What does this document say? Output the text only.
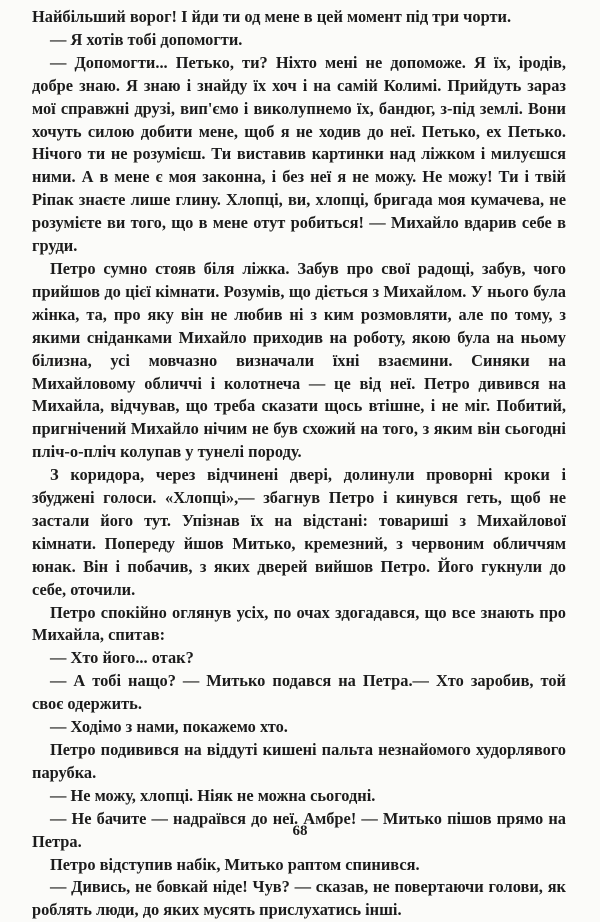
Найбільший ворог! І йди ти од мене в цей момент під три чорти.

— Я хотів тобі допомогти.

— Допомогти... Петько, ти? Ніхто мені не допоможе. Я їх, іродів, добре знаю. Я знаю і знайду їх хоч і на самій Колимі. Прийдуть зараз мої справжні друзі, вип'ємо і виколупнемо їх, бандюг, з-під землі. Вони хочуть силою добити мене, щоб я не ходив до неї. Петько, ех Петько. Нічого ти не розумієш. Ти виставив картинки над ліжком і милуєшся ними. А в мене є моя законна, і без неї я не можу. Не можу! Ти і твій Ріпак знаєте лише глину. Хлопці, ви, хлопці, бригада моя кумачева, не розумієте ви того, що в мене отут робиться! — Михайло вдарив себе в груди.

Петро сумно стояв біля ліжка. Забув про свої радощі, забув, чого прийшов до цієї кімнати. Розумів, що діється з Михайлом. У нього була жінка, та, про яку він не любив ні з ким розмовляти, але по тому, з якими сніданками Михайло приходив на роботу, якою була на ньому білизна, усі мовчазно визначали їхні взаємини. Синяки на Михайловому обличчі і колотнеча — це від неї. Петро дивився на Михайла, відчував, що треба сказати щось втішне, і не міг. Побитий, пригнічений Михайло нічим не був схожий на того, з яким він сьогодні пліч-о-пліч колупав у тунелі породу.

З коридора, через відчинені двері, долинули проворні кроки і збуджені голоси. «Хлопці»,— збагнув Петро і кинувся геть, щоб не застали його тут. Упізнав їх на відстані: товариші з Михайлової кімнати. Попереду йшов Митько, кремезний, з червоним обличчям юнак. Він і побачив, з яких дверей вийшов Петро. Його гукнули до себе, оточили.

Петро спокійно оглянув усіх, по очах здогадався, що все знають про Михайла, спитав:

— Хто його... отак?

— А тобі нащо? — Митько подався на Петра.— Хто заробив, той своє одержить.

— Ходімо з нами, покажемо хто.

Петро подивився на віддуті кишені пальта незнайомого худорлявого парубка.

— Не можу, хлопці. Ніяк не можна сьогодні.

— Не бачите — надраївся до неї. Амбре! — Митько пішов прямо на Петра.

Петро відступив набік, Митько раптом спинився.

— Дивись, не бовкай ніде! Чув? — сказав, не повертаючи голови, як роблять люди, до яких мусять прислухатись інші.

68
